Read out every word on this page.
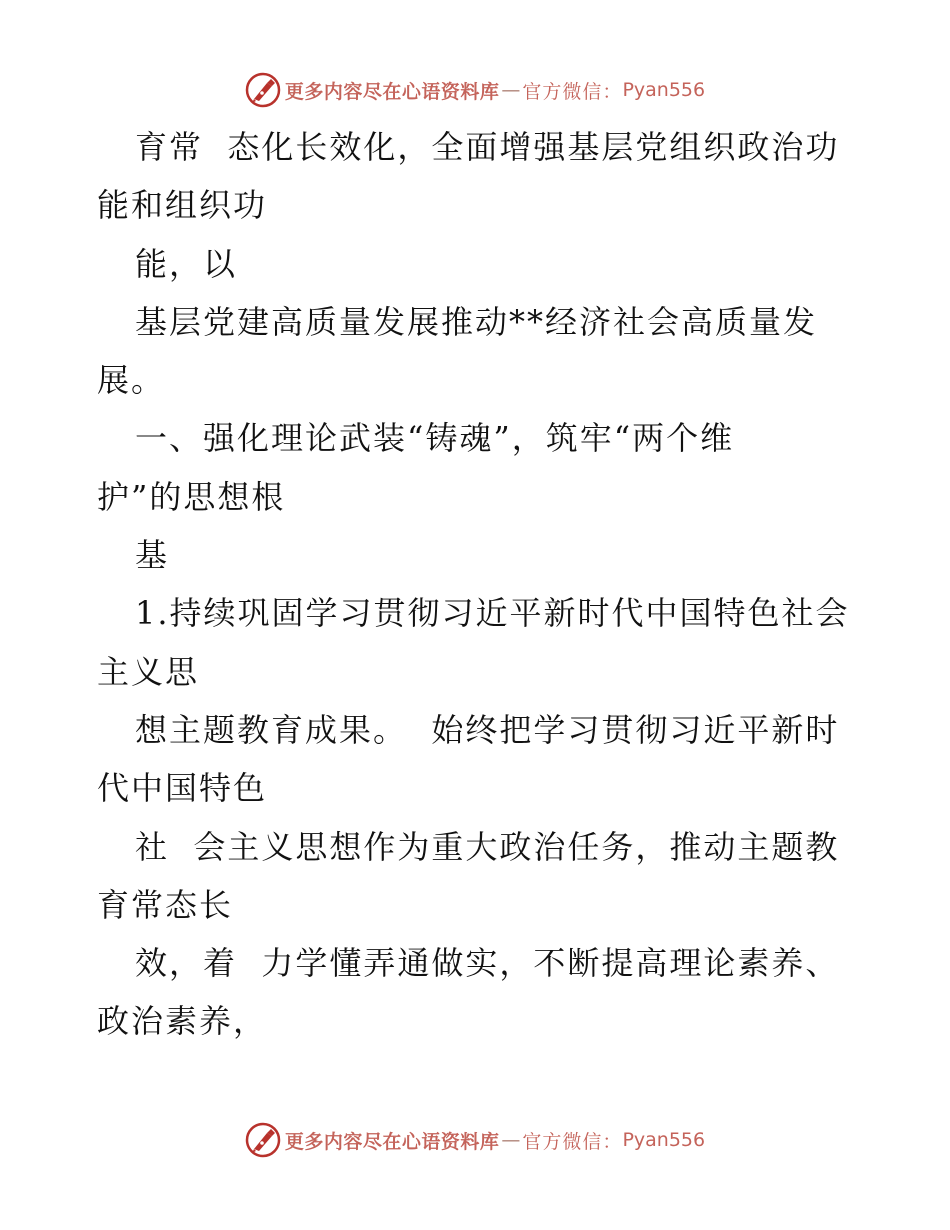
更多内容尽在心语资料库 — 官方微信： Pyan556
育常  态化长效化，全面增强基层党组织政治功
能和组织功
能，以
基层党建高质量发展推动**经济社会高质量发
展。
一、强化理论武装“铸魂”，筑牢“两个维
护”的思想根
基
1.持续巩固学习贯彻习近平新时代中国特色社会
主义思
想主题教育成果。  始终把学习贯彻习近平新时
代中国特色
社  会主义思想作为重大政治任务，推动主题教
育常态长
效，着  力学懂弄通做实，不断提高理论素养、
政治素养，
更多内容尽在心语资料库 — 官方微信： Pyan556
